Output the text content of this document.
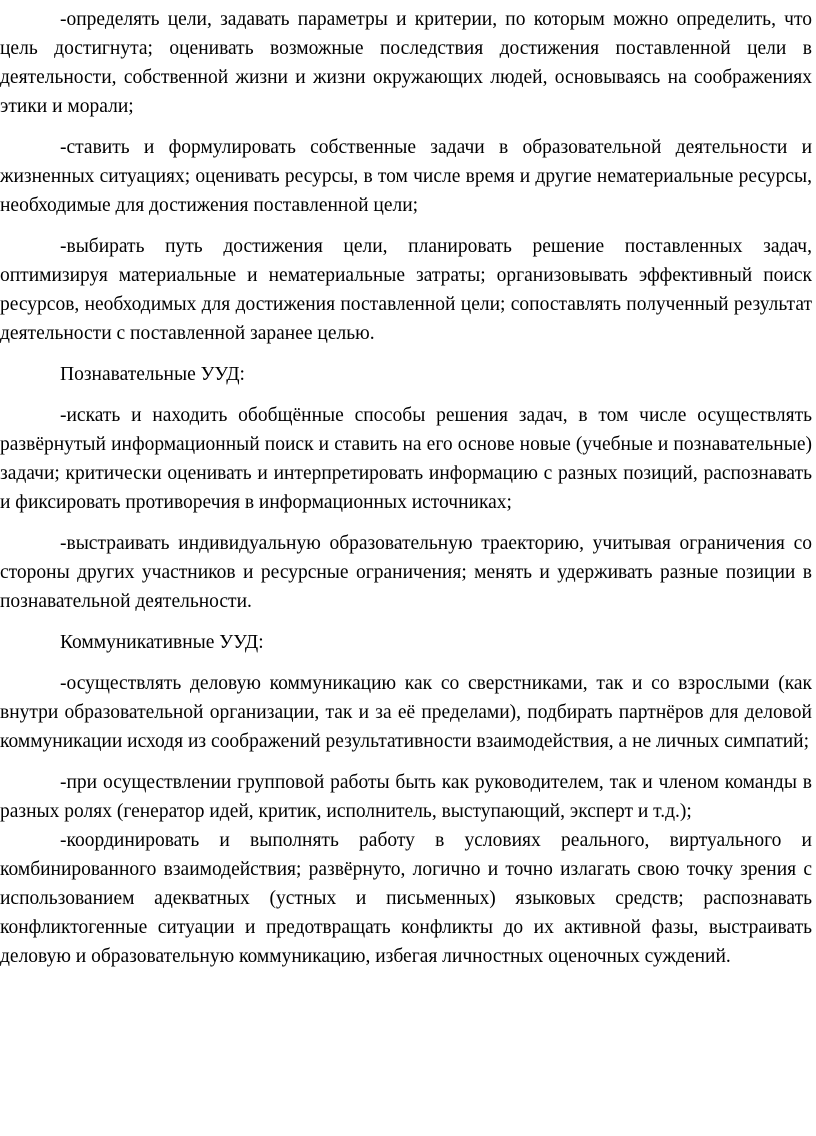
-определять цели, задавать параметры и критерии, по которым можно определить, что цель достигнута; оценивать возможные последствия достижения поставленной цели в деятельности, собственной жизни и жизни окружающих людей, основываясь на соображениях этики и морали;

-ставить и формулировать собственные задачи в образовательной деятельности и жизненных ситуациях; оценивать ресурсы, в том числе время и другие нематериальные ресурсы, необходимые для достижения поставленной цели;

-выбирать путь достижения цели, планировать решение поставленных задач, оптимизируя материальные и нематериальные затраты; организовывать эффективный поиск ресурсов, необходимых для достижения поставленной цели; сопоставлять полученный результат деятельности с поставленной заранее целью.

Познавательные УУД:

-искать и находить обобщённые способы решения задач, в том числе осуществлять развёрнутый информационный поиск и ставить на его основе новые (учебные и познавательные) задачи; критически оценивать и интерпретировать информацию с разных позиций, распознавать и фиксировать противоречия в информационных источниках;

-выстраивать индивидуальную образовательную траекторию, учитывая ограничения со стороны других участников и ресурсные ограничения; менять и удерживать разные позиции в познавательной деятельности.

Коммуникативные УУД:

-осуществлять деловую коммуникацию как со сверстниками, так и со взрослыми (как внутри образовательной организации, так и за её пределами), подбирать партнёров для деловой коммуникации исходя из соображений результативности взаимодействия, а не личных симпатий;

-при осуществлении групповой работы быть как руководителем, так и членом команды в разных ролях (генератор идей, критик, исполнитель, выступающий, эксперт и т.д.);

-координировать и выполнять работу в условиях реального, виртуального и комбинированного взаимодействия; развёрнуто, логично и точно излагать свою точку зрения с использованием адекватных (устных и письменных) языковых средств; распознавать конфликтогенные ситуации и предотвращать конфликты до их активной фазы, выстраивать деловую и образовательную коммуникацию, избегая личностных оценочных суждений.
